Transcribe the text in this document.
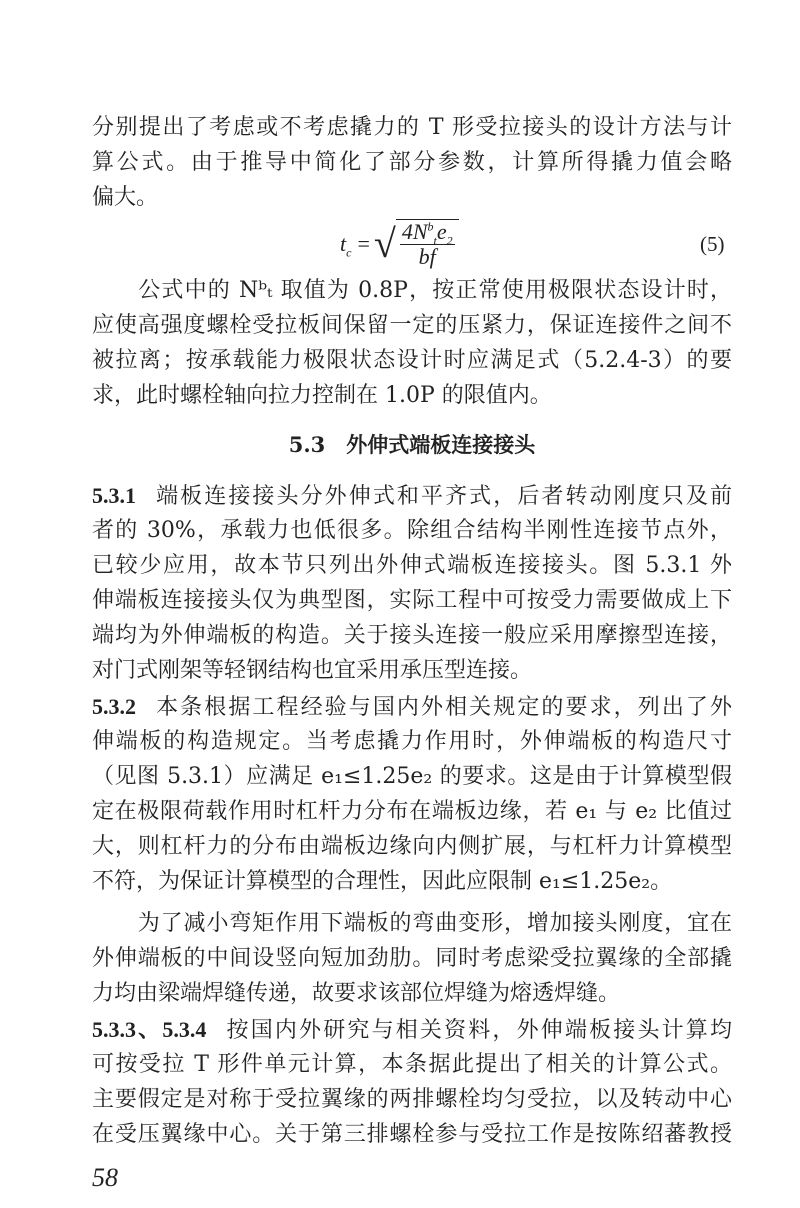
分别提出了考虑或不考虑撬力的 T 形受拉接头的设计方法与计
算公式。由于推导中简化了部分参数，计算所得撬力值会略
偏大。
$t_c$ = √ $\frac{4N^b_te_2}{bf}$	(5)
　　公式中的 Nᵇₜ 取值为 0.8P，按正常使用极限状态设计时，
应使高强度螺栓受拉板间保留一定的压紧力，保证连接件之间不
被拉离；按承载能力极限状态设计时应满足式（5.2.4-3）的要
求，此时螺栓轴向拉力控制在 1.0P 的限值内。
5.3　外伸式端板连接接头
5.3.1 端板连接接头分外伸式和平齐式，后者转动刚度只及前
者的 30%，承载力也低很多。除组合结构半刚性连接节点外，
已较少应用，故本节只列出外伸式端板连接接头。图 5.3.1 外
伸端板连接接头仅为典型图，实际工程中可按受力需要做成上下
端均为外伸端板的构造。关于接头连接一般应采用摩擦型连接，
对门式刚架等轻钢结构也宜采用承压型连接。
5.3.2 本条根据工程经验与国内外相关规定的要求，列出了外
伸端板的构造规定。当考虑撬力作用时，外伸端板的构造尺寸
（见图 5.3.1）应满足 e₁≤1.25e₂ 的要求。这是由于计算模型假
定在极限荷载作用时杠杆力分布在端板边缘，若 e₁ 与 e₂ 比值过
大，则杠杆力的分布由端板边缘向内侧扩展，与杠杆力计算模型
不符，为保证计算模型的合理性，因此应限制 e₁≤1.25e₂。
　　为了减小弯矩作用下端板的弯曲变形，增加接头刚度，宜在
外伸端板的中间设竖向短加劲肋。同时考虑梁受拉翼缘的全部撬
力均由梁端焊缝传递，故要求该部位焊缝为熔透焊缝。
5.3.3、5.3.4 按国内外研究与相关资料，外伸端板接头计算均
可按受拉 T 形件单元计算，本条据此提出了相关的计算公式。
主要假定是对称于受拉翼缘的两排螺栓均匀受拉，以及转动中心
在受压翼缘中心。关于第三排螺栓参与受拉工作是按陈绍蕃教授
58
